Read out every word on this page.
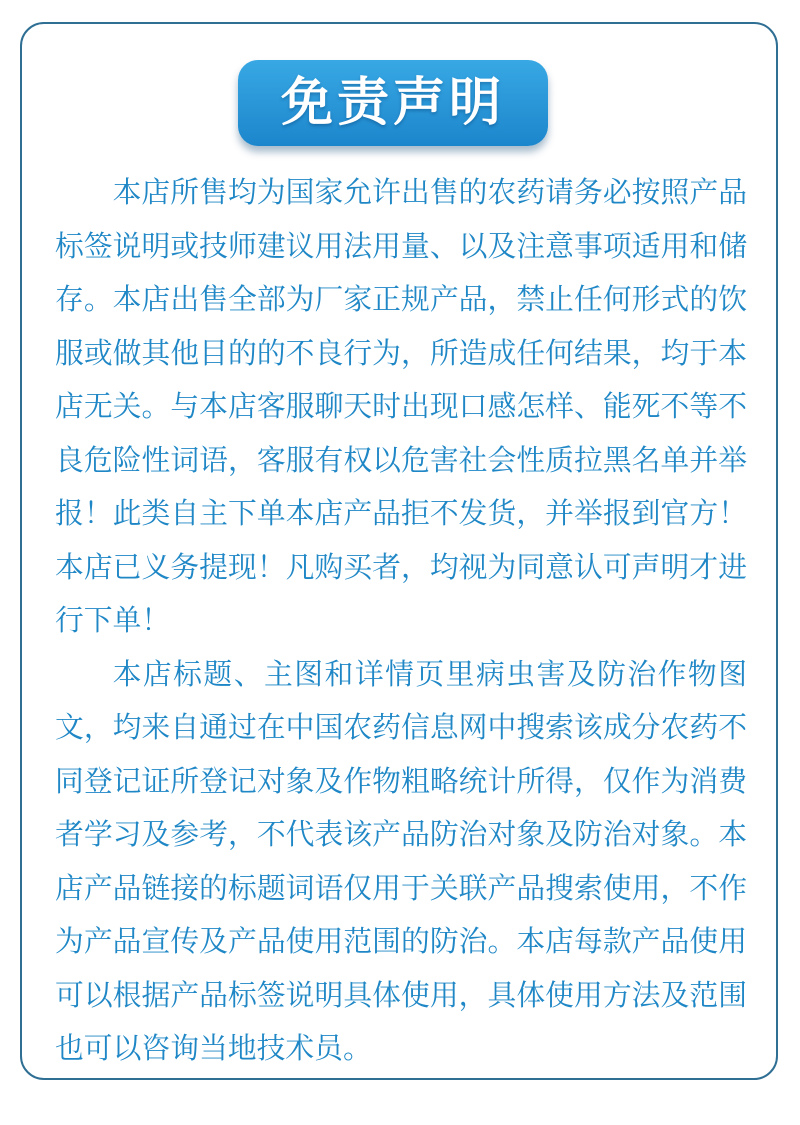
免责声明

本店所售均为国家允许出售的农药请务必按照产品标签说明或技师建议用法用量、以及注意事项适用和储存。本店出售全部为厂家正规产品，禁止任何形式的饮服或做其他目的的不良行为，所造成任何结果，均于本店无关。与本店客服聊天时出现口感怎样、能死不等不良危险性词语，客服有权以危害社会性质拉黑名单并举报！此类自主下单本店产品拒不发货，并举报到官方！本店已义务提现！凡购买者，均视为同意认可声明才进行下单！

本店标题、主图和详情页里病虫害及防治作物图文，均来自通过在中国农药信息网中搜索该成分农药不同登记证所登记对象及作物粗略统计所得，仅作为消费者学习及参考，不代表该产品防治对象及防治对象。本店产品链接的标题词语仅用于关联产品搜索使用，不作为产品宣传及产品使用范围的防治。本店每款产品使用可以根据产品标签说明具体使用，具体使用方法及范围也可以咨询当地技术员。
